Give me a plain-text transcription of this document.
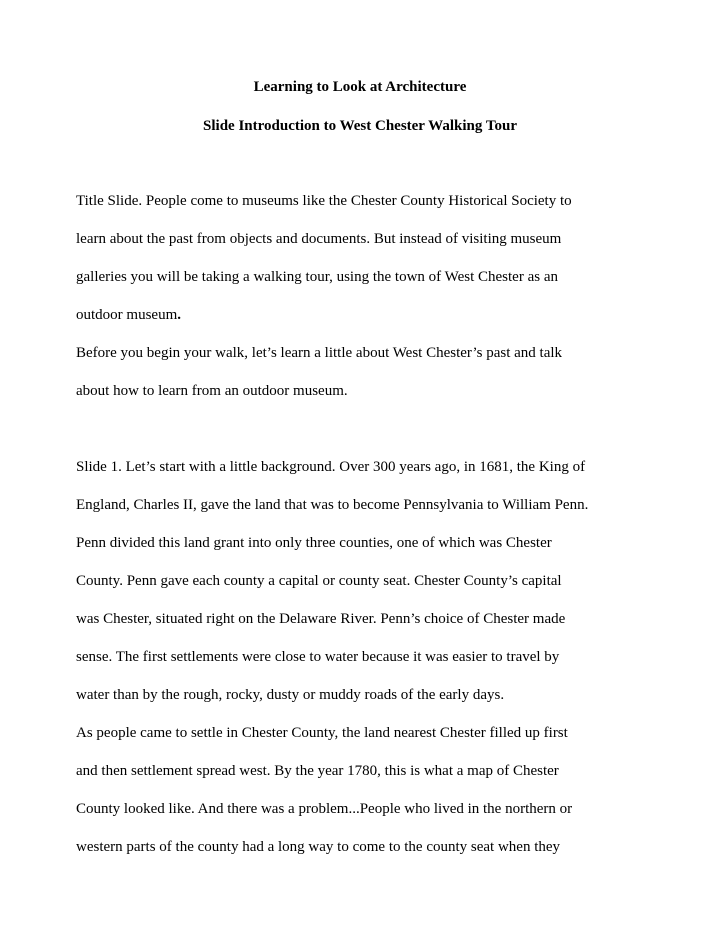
Learning to Look at Architecture
Slide Introduction to West Chester Walking Tour
Title Slide. People come to museums like the Chester County Historical Society to
learn about the past from objects and documents. But instead of visiting museum
galleries you will be taking a walking tour, using the town of West Chester as an
outdoor museum.
Before you begin your walk, let’s learn a little about West Chester’s past and talk
about how to learn from an outdoor museum.
Slide 1. Let’s start with a little background. Over 300 years ago, in 1681, the King of
England, Charles II, gave the land that was to become Pennsylvania to William Penn.
Penn divided this land grant into only three counties, one of which was Chester
County. Penn gave each county a capital or county seat. Chester County’s capital
was Chester, situated right on the Delaware River. Penn’s choice of Chester made
sense. The first settlements were close to water because it was easier to travel by
water than by the rough, rocky, dusty or muddy roads of the early days.
As people came to settle in Chester County, the land nearest Chester filled up first
and then settlement spread west. By the year 1780, this is what a map of Chester
County looked like. And there was a problem...People who lived in the northern or
western parts of the county had a long way to come to the county seat when they
